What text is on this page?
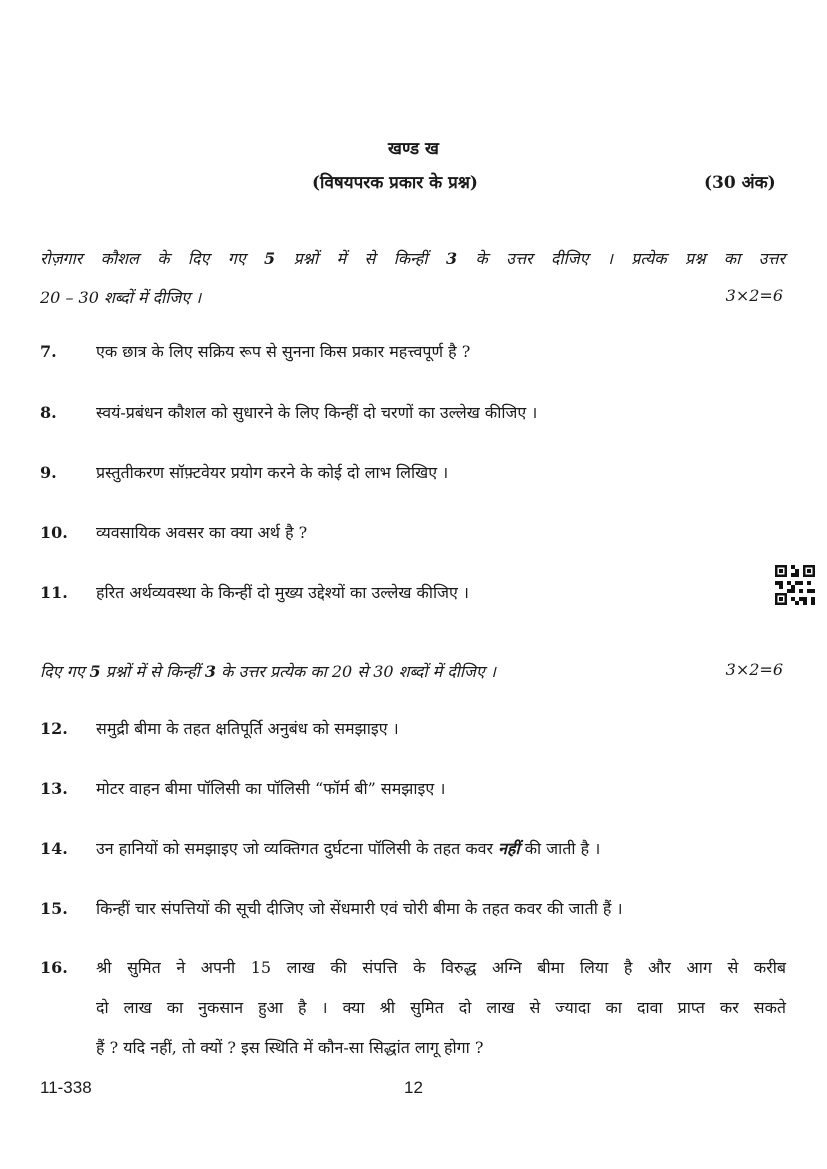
खण्ड ख
(विषयपरक प्रकार के प्रश्न)	(30 अंक)
रोज़गार कौशल के दिए गए 5 प्रश्नों में से किन्हीं 3 के उत्तर दीजिए । प्रत्येक प्रश्न का उत्तर
20 – 30 शब्दों में दीजिए ।	3×2=6
7. एक छात्र के लिए सक्रिय रूप से सुनना किस प्रकार महत्त्वपूर्ण है ?
8. स्वयं-प्रबंधन कौशल को सुधारने के लिए किन्हीं दो चरणों का उल्लेख कीजिए ।
9. प्रस्तुतीकरण सॉफ़्टवेयर प्रयोग करने के कोई दो लाभ लिखिए ।
10. व्यवसायिक अवसर का क्या अर्थ है ?
11. हरित अर्थव्यवस्था के किन्हीं दो मुख्य उद्देश्यों का उल्लेख कीजिए ।
दिए गए 5 प्रश्नों में से किन्हीं 3 के उत्तर प्रत्येक का 20 से 30 शब्दों में दीजिए ।	3×2=6
12. समुद्री बीमा के तहत क्षतिपूर्ति अनुबंध को समझाइए ।
13. मोटर वाहन बीमा पॉलिसी का पॉलिसी “फॉर्म बी” समझाइए ।
14. उन हानियों को समझाइए जो व्यक्तिगत दुर्घटना पॉलिसी के तहत कवर नहीं की जाती है ।
15. किन्हीं चार संपत्तियों की सूची दीजिए जो सेंधमारी एवं चोरी बीमा के तहत कवर की जाती हैं ।
16. श्री सुमित ने अपनी 15 लाख की संपत्ति के विरुद्ध अग्नि बीमा लिया है और आग से करीब
दो लाख का नुकसान हुआ है । क्या श्री सुमित दो लाख से ज्यादा का दावा प्राप्त कर सकते
हैं ? यदि नहीं, तो क्यों ? इस स्थिति में कौन-सा सिद्धांत लागू होगा ?
11-338	12
